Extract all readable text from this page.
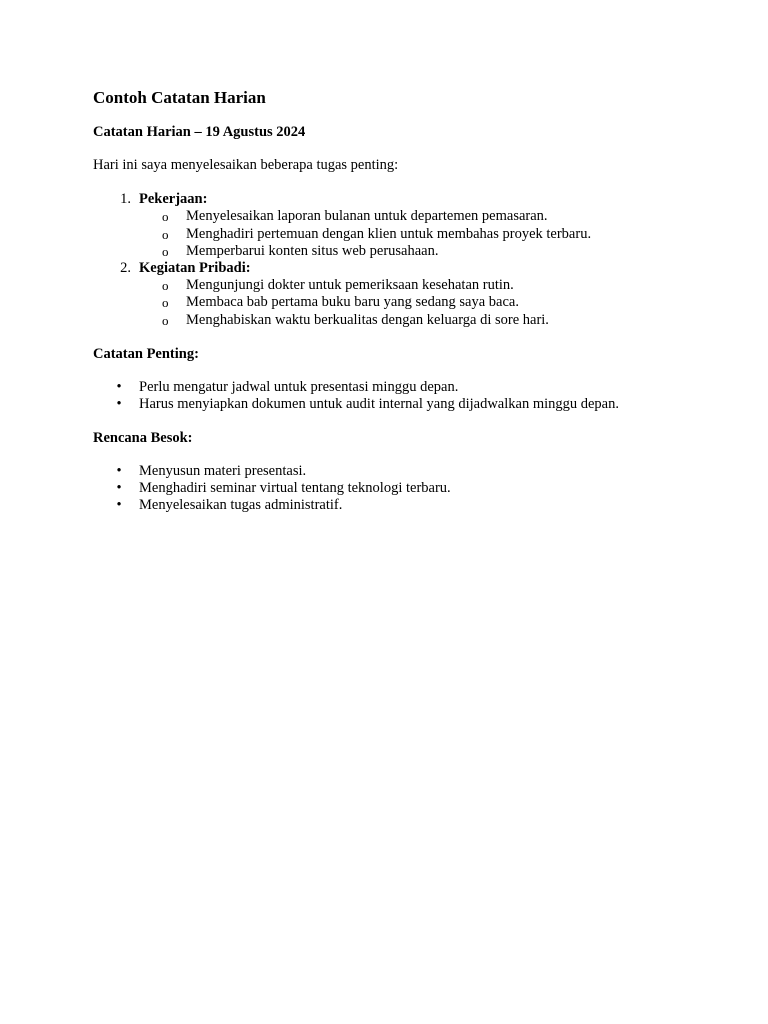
Contoh Catatan Harian
Catatan Harian – 19 Agustus 2024
Hari ini saya menyelesaikan beberapa tugas penting:
1. Pekerjaan:
o Menyelesaikan laporan bulanan untuk departemen pemasaran.
o Menghadiri pertemuan dengan klien untuk membahas proyek terbaru.
o Memperbarui konten situs web perusahaan.
2. Kegiatan Pribadi:
o Mengunjungi dokter untuk pemeriksaan kesehatan rutin.
o Membaca bab pertama buku baru yang sedang saya baca.
o Menghabiskan waktu berkualitas dengan keluarga di sore hari.
Catatan Penting:
• Perlu mengatur jadwal untuk presentasi minggu depan.
• Harus menyiapkan dokumen untuk audit internal yang dijadwalkan minggu depan.
Rencana Besok:
• Menyusun materi presentasi.
• Menghadiri seminar virtual tentang teknologi terbaru.
• Menyelesaikan tugas administratif.
